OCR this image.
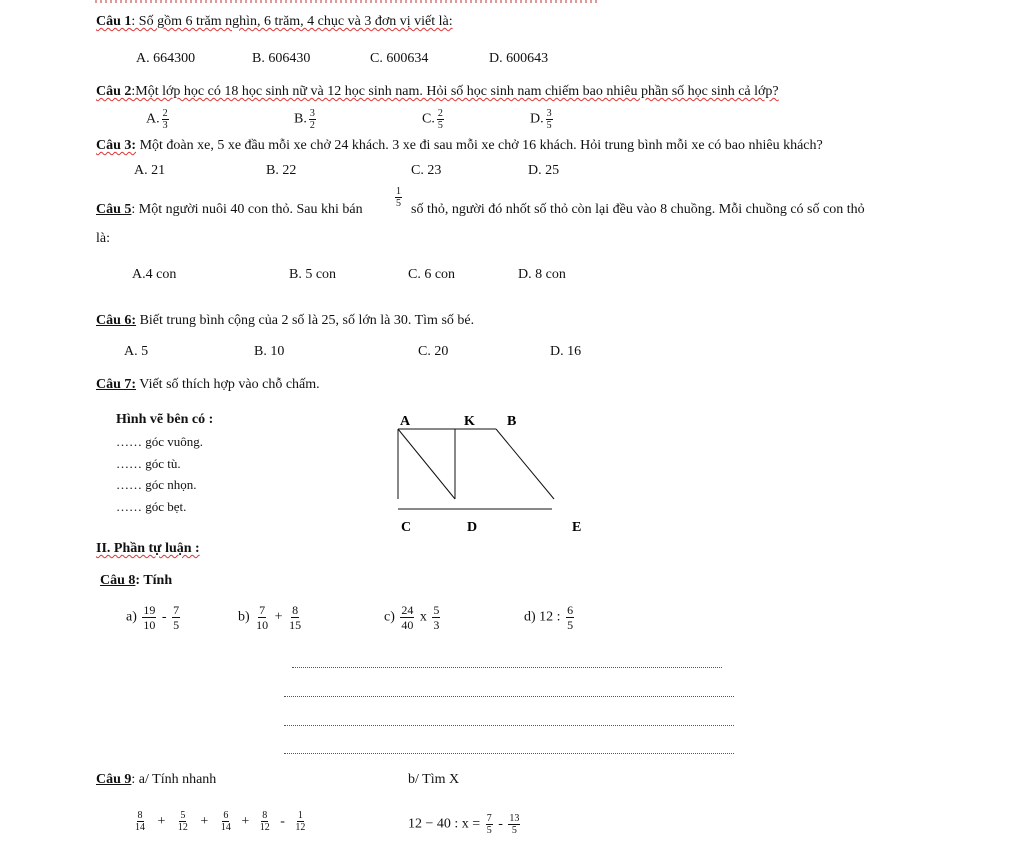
Câu 1: Số gồm 6 trăm nghìn, 6 trăm, 4 chục và 3 đơn vị viết là:
A. 664300	B. 606430	C. 600634	D. 600643
Câu 2:Một lớp học có 18 học sinh nữ và 12 học sinh nam. Hỏi số học sinh nam chiếm bao nhiêu phần số học sinh cả lớp?
A. $\frac{2}{3}$	B. $\frac{3}{2}$	C. $\frac{2}{5}$	D. $\frac{3}{5}$
Câu 3: Một đoàn xe, 5 xe đầu mỗi xe chở 24 khách. 3 xe đi sau mỗi xe chở 16 khách. Hỏi trung bình mỗi xe có bao nhiêu khách?
A. 21	B. 22	C. 23	D. 25
Câu 5: Một người nuôi 40 con thỏ. Sau khi bán
$\frac{1}{5}$
số thỏ, người đó nhốt số thỏ còn lại đều vào 8 chuồng. Mỗi chuồng có số con thỏ
là:
A.4 con	B. 5 con	C. 6 con	D. 8 con
Câu 6: Biết trung bình cộng của 2 số là 25, số lớn là 30. Tìm số bé.
A. 5	B. 10	C. 20	D. 16
Câu 7: Viết số thích hợp vào chỗ chấm.
Hình vẽ bên có :
…… góc vuông.
…… góc tù.
…… góc nhọn.
…… góc bẹt.
A	K B
C	D	E
II. Phần tự luận :
Câu 8: Tính
$a) \frac{19}{10} - \frac{7}{5}$	$b) \frac{7}{10} + \frac{8}{15}$	$c) \frac{24}{40}$ x $\frac{5}{3}$	d) 12 : $\frac{6}{5}$
Câu 9: a/ Tính nhanh	b/ Tìm X
$\frac{8}{14} + \frac{5}{12} + \frac{6}{14} + \frac{8}{12} - \frac{1}{12}$	12 − 40 : $x = \frac{7}{5} - \frac{13}{5}$
